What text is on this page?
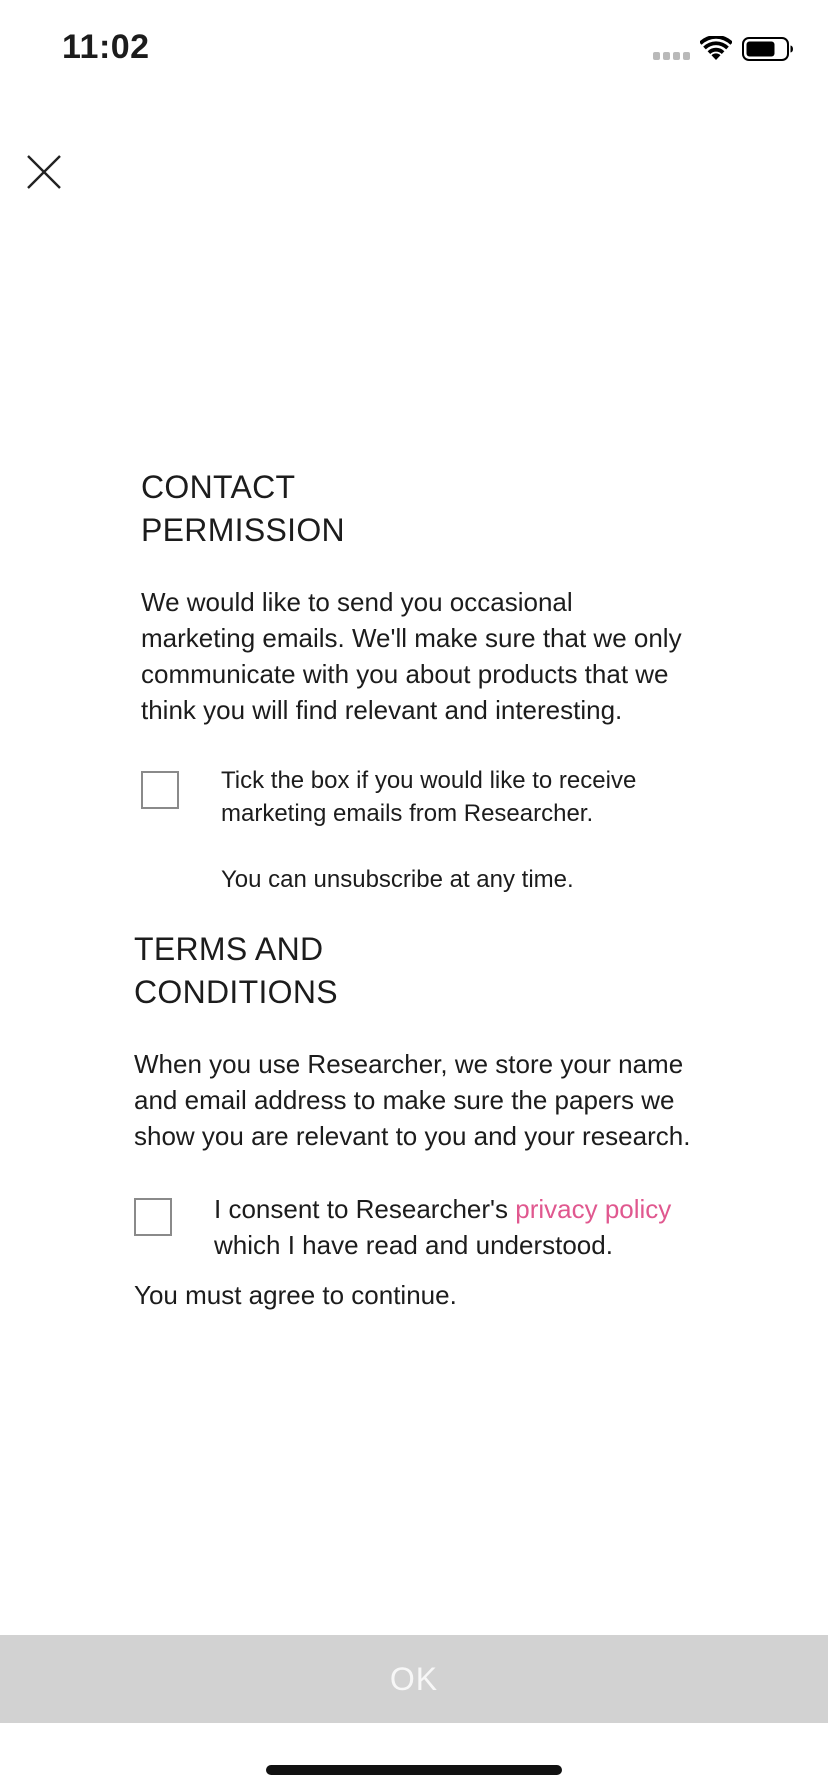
11:02
CONTACT
PERMISSION

We would like to send you occasional
marketing emails. We'll make sure that we only
communicate with you about products that we
think you will find relevant and interesting.

Tick the box if you would like to receive
marketing emails from Researcher.

You can unsubscribe at any time.

TERMS AND
CONDITIONS

When you use Researcher, we store your name
and email address to make sure the papers we
show you are relevant to you and your research.

I consent to Researcher's privacy policy
which I have read and understood.

You must agree to continue.

OK
